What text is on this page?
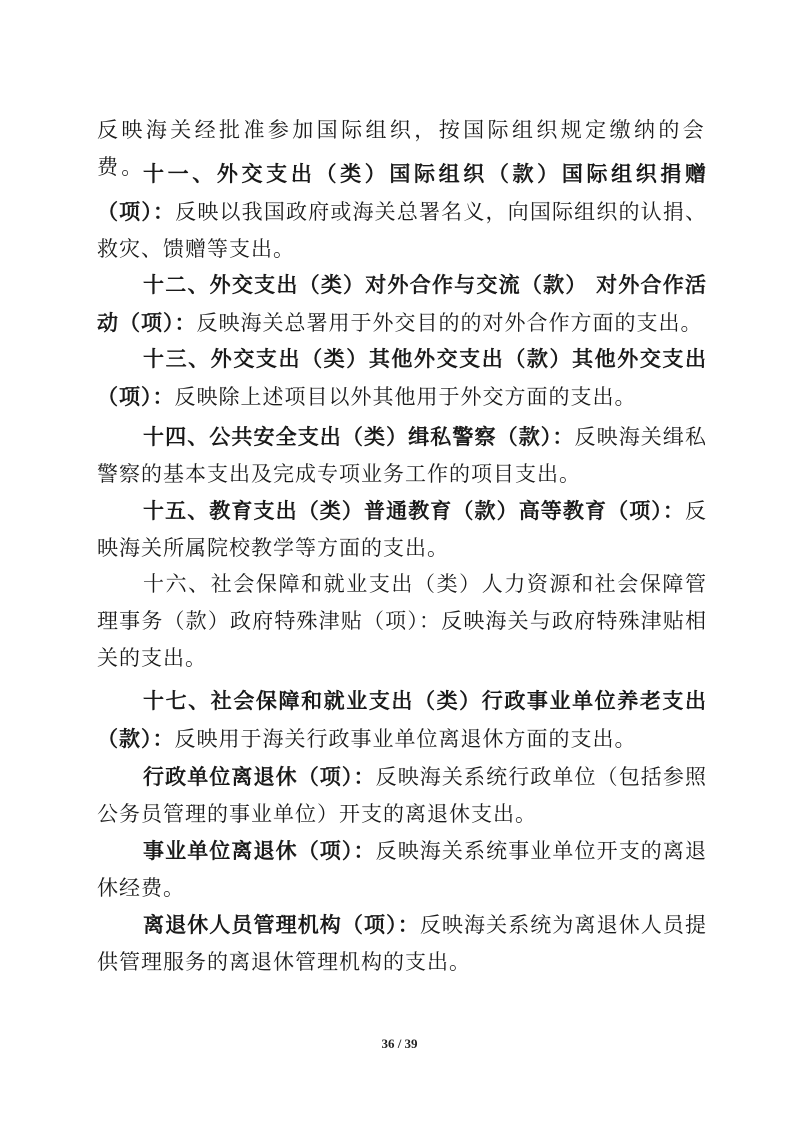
反映海关经批准参加国际组织，按国际组织规定缴纳的会费。

十一、外交支出（类）国际组织（款）国际组织捐赠（项）：反映以我国政府或海关总署名义，向国际组织的认捐、救灾、馈赠等支出。

十二、外交支出（类）对外合作与交流（款） 对外合作活动（项）：反映海关总署用于外交目的的对外合作方面的支出。

十三、外交支出（类）其他外交支出（款）其他外交支出（项）：反映除上述项目以外其他用于外交方面的支出。

十四、公共安全支出（类）缉私警察（款）：反映海关缉私警察的基本支出及完成专项业务工作的项目支出。

十五、教育支出（类）普通教育（款）高等教育（项）：反映海关所属院校教学等方面的支出。

十六、社会保障和就业支出（类）人力资源和社会保障管理事务（款）政府特殊津贴（项）：反映海关与政府特殊津贴相关的支出。

十七、社会保障和就业支出（类）行政事业单位养老支出（款）：反映用于海关行政事业单位离退休方面的支出。

行政单位离退休（项）：反映海关系统行政单位（包括参照公务员管理的事业单位）开支的离退休支出。

事业单位离退休（项）：反映海关系统事业单位开支的离退休经费。

离退休人员管理机构（项）：反映海关系统为离退休人员提供管理服务的离退休管理机构的支出。

36 / 39
